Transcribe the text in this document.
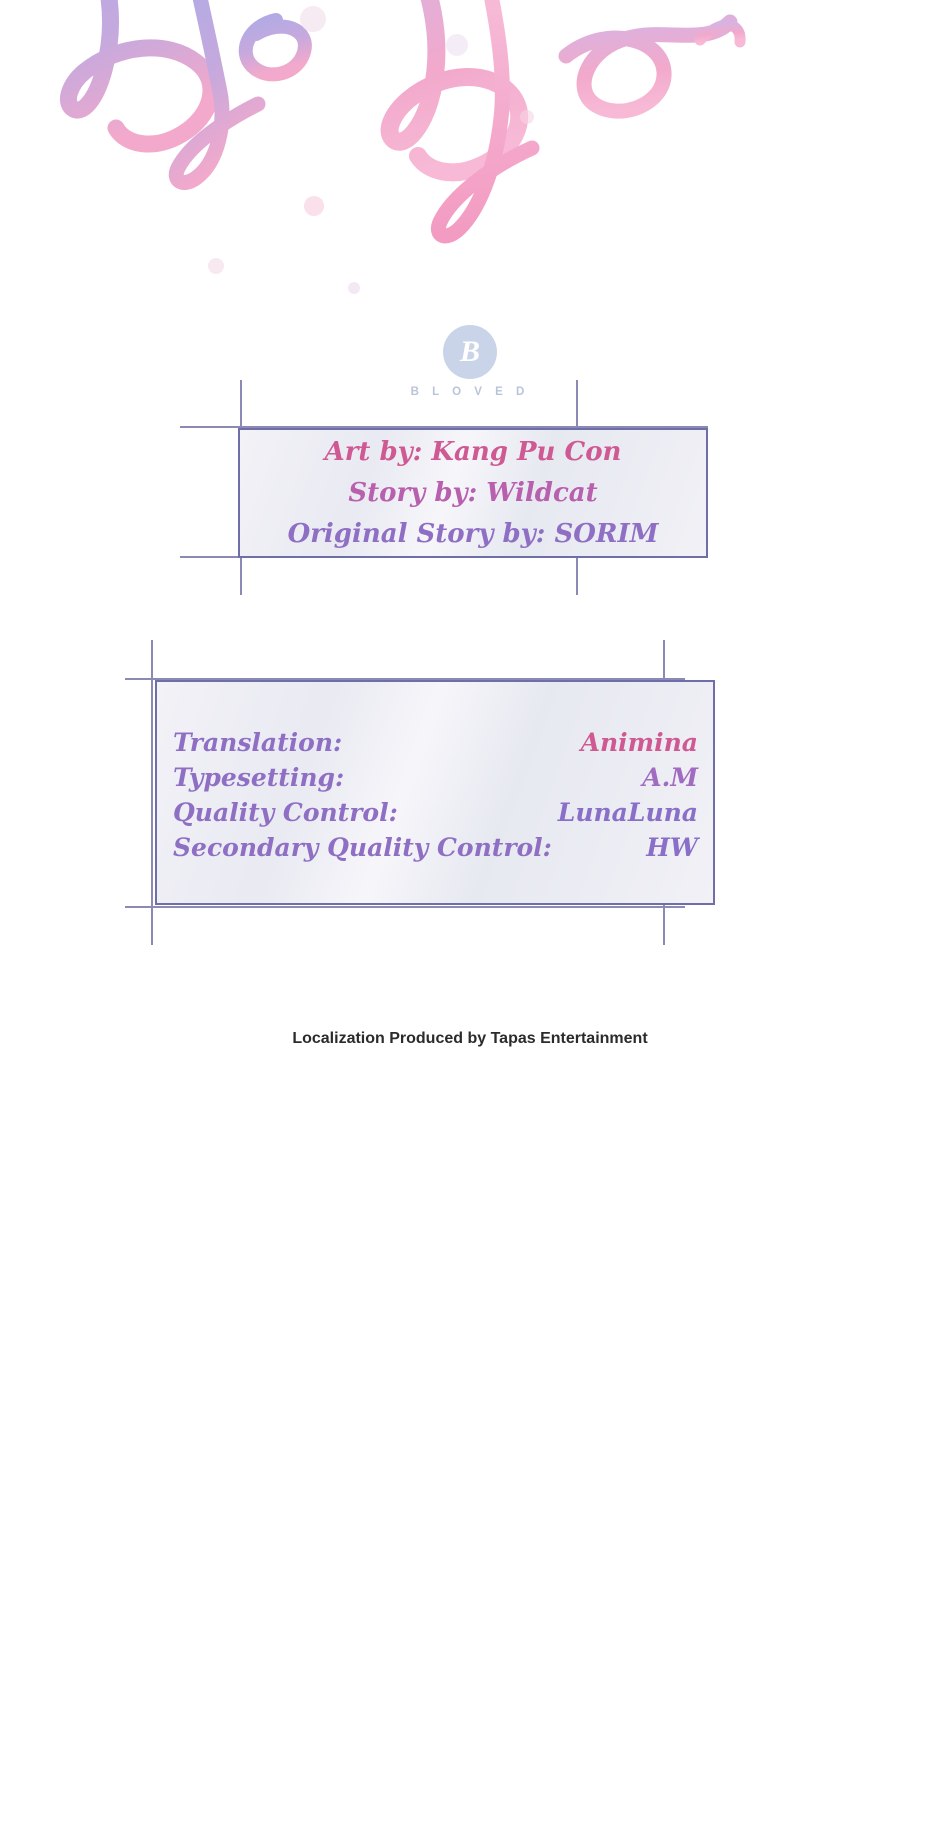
B
B L O V E D
Art by: Kang Pu Con
Story by: Wildcat
Original Story by: SORIM
Translation:	Animina
Typesetting:	A.M
Quality Control:	LunaLuna
Secondary Quality Control:	HW
Localization Produced by Tapas Entertainment
